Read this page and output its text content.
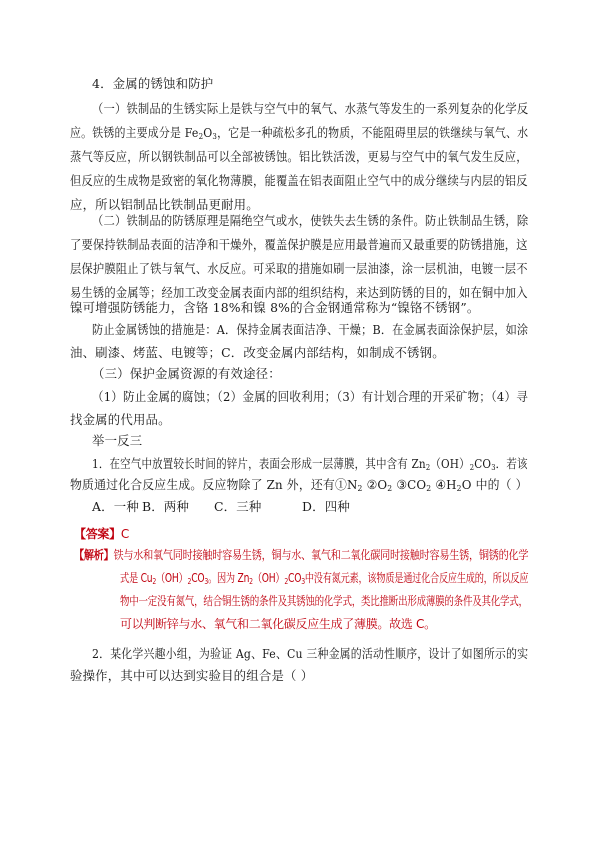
4．金属的锈蚀和防护
（一）铁制品的生锈实际上是铁与空气中的氧气、水蒸气等发生的一系列复杂的化学反
应。铁锈的主要成分是 $Fe_2O_3$，它是一种疏松多孔的物质，不能阻碍里层的铁继续与氧气、水
蒸气等反应，所以钢铁制品可以全部被锈蚀。铝比铁活泼，更易与空气中的氧气发生反应，
但反应的生成物是致密的氧化物薄膜，能覆盖在铝表面阻止空气中的成分继续与内层的铝反
应，所以铝制品比铁制品更耐用。
（二）铁制品的防锈原理是隔绝空气或水，使铁失去生锈的条件。防止铁制品生锈，除
了要保持铁制品表面的洁净和干燥外，覆盖保护膜是应用最普遍而又最重要的防锈措施，这
层保护膜阻止了铁与氧气、水反应。可采取的措施如刷一层油漆，涂一层机油，电镀一层不
易生锈的金属等；经加工改变金属表面内部的组织结构，来达到防锈的目的，如在铜中加入
镍可增强防锈能力，含铬 18%和镍 8%的合金钢通常称为“镍铬不锈钢”。
防止金属锈蚀的措施是：A．保持金属表面洁净、干燥；B．在金属表面涂保护层，如涂
油、刷漆、烤蓝、电镀等；C．改变金属内部结构，如制成不锈钢。
（三）保护金属资源的有效途径：
（1）防止金属的腐蚀；（2）金属的回收利用；（3）有计划合理的开采矿物；（4）寻
找金属的代用品。
举一反三
1．在空气中放置较长时间的锌片，表面会形成一层薄膜，其中含有 $Zn_2(OH)_2CO_3$．若该
物质通过化合反应生成。反应物除了 Zn 外，还有$①N_2$ $②O_2$ $③CO_2$ $④H_2O$ 中的（ ）
A．一种 B．两种 C．三种	D．四种
【答案】C
【解析】铁与水和氧气同时接触时容易生锈，铜与水、氧气和二氧化碳同时接触时容易生锈，铜锈的化学
式是 $Cu_2(OH)_2CO_3$。因为 $Zn_2(OH)_2CO_3$中没有氮元素，该物质是通过化合反应生成的，所以反应
物中一定没有氮气，结合铜生锈的条件及其锈蚀的化学式，类比推断出形成薄膜的条件及其化学式，
可以判断锌与水、氧气和二氧化碳反应生成了薄膜。故选 C。
2．某化学兴趣小组，为验证 Ag、Fe、Cu 三种金属的活动性顺序，设计了如图所示的实
验操作，其中可以达到实验目的组合是（ ）
